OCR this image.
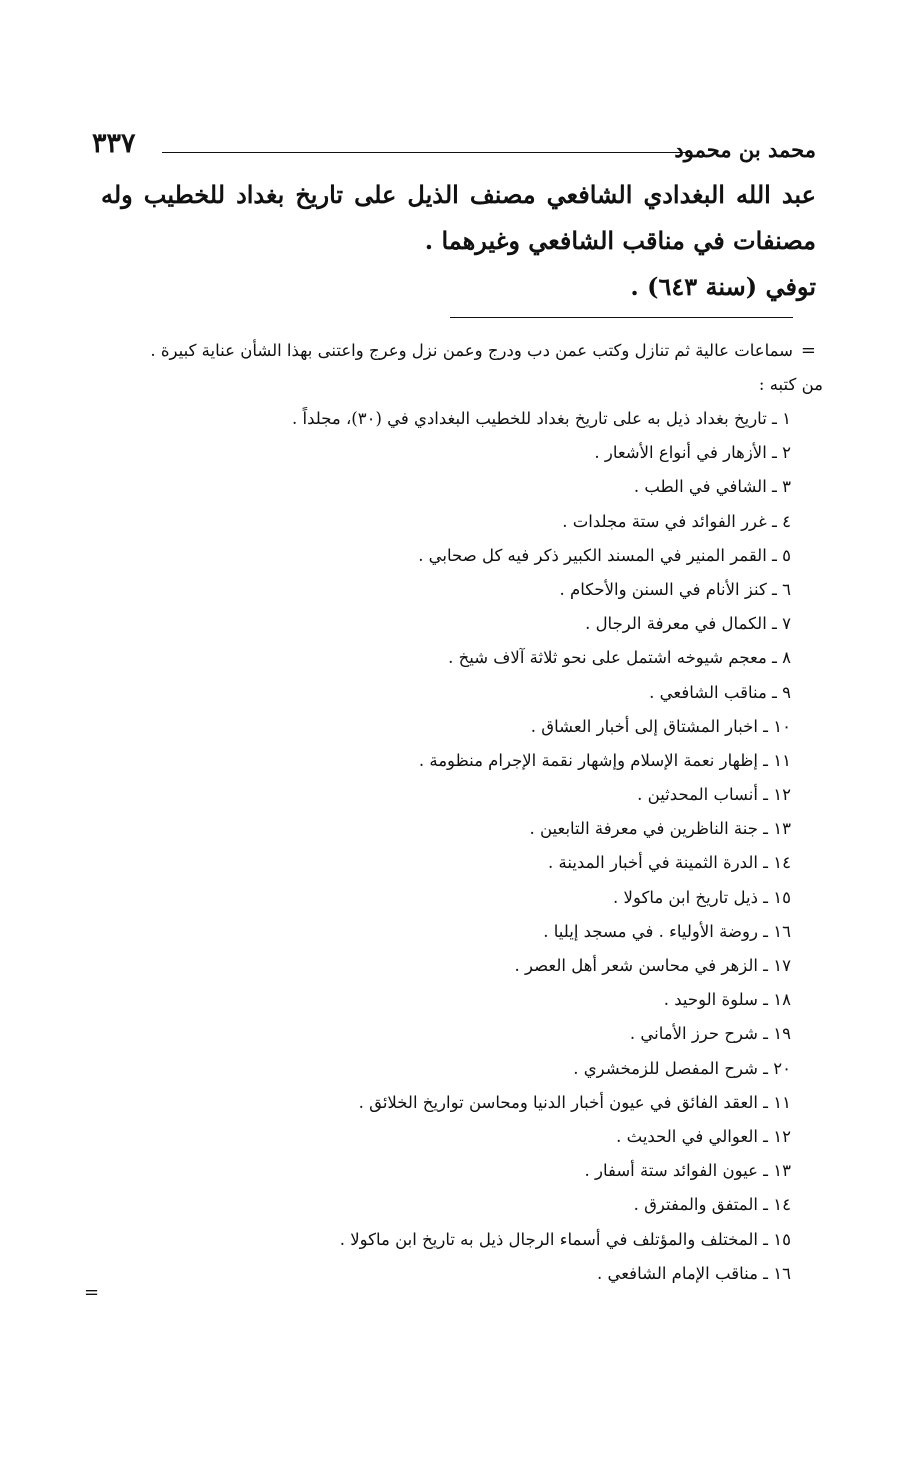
محمد بن محمود
٣٣٧

عبد الله البغدادي الشافعي مصنف الذيل على تاريخ بغداد للخطيب وله

مصنفات في مناقب الشافعي وغيرهما .

توفي (سنة ٦٤٣) .

=
سماعات عالية ثم تنازل وكتب عمن دب ودرج وعمن نزل وعرج واعتنى بهذا الشأن عناية كبيرة .
من كتبه :
١ ـ تاريخ بغداد ذيل به على تاريخ بغداد للخطيب البغدادي في (٣٠)، مجلداً .
٢ ـ الأزهار في أنواع الأشعار .
٣ ـ الشافي في الطب .
٤ ـ غرر الفوائد في ستة مجلدات .
٥ ـ القمر المنير في المسند الكبير ذكر فيه كل صحابي .
٦ ـ كنز الأنام في السنن والأحكام .
٧ ـ الكمال في معرفة الرجال .
٨ ـ معجم شيوخه اشتمل على نحو ثلاثة آلاف شيخ .
٩ ـ مناقب الشافعي .
١٠ ـ اخبار المشتاق إلى أخبار العشاق .
١١ ـ إظهار نعمة الإسلام وإشهار نقمة الإجرام منظومة .
١٢ ـ أنساب المحدثين .
١٣ ـ جنة الناظرين في معرفة التابعين .
١٤ ـ الدرة الثمينة في أخبار المدينة .
١٥ ـ ذيل تاريخ ابن ماكولا .
١٦ ـ روضة الأولياء . في مسجد إيليا .
١٧ ـ الزهر في محاسن شعر أهل العصر .
١٨ ـ سلوة الوحيد .
١٩ ـ شرح حرز الأماني .
٢٠ ـ شرح المفصل للزمخشري .
١١ ـ العقد الفائق في عيون أخبار الدنيا ومحاسن تواريخ الخلائق .
١٢ ـ العوالي في الحديث .
١٣ ـ عيون الفوائد ستة أسفار .
١٤ ـ المتفق والمفترق .
١٥ ـ المختلف والمؤتلف في أسماء الرجال ذيل به تاريخ ابن ماكولا .
١٦ ـ مناقب الإمام الشافعي .
=
